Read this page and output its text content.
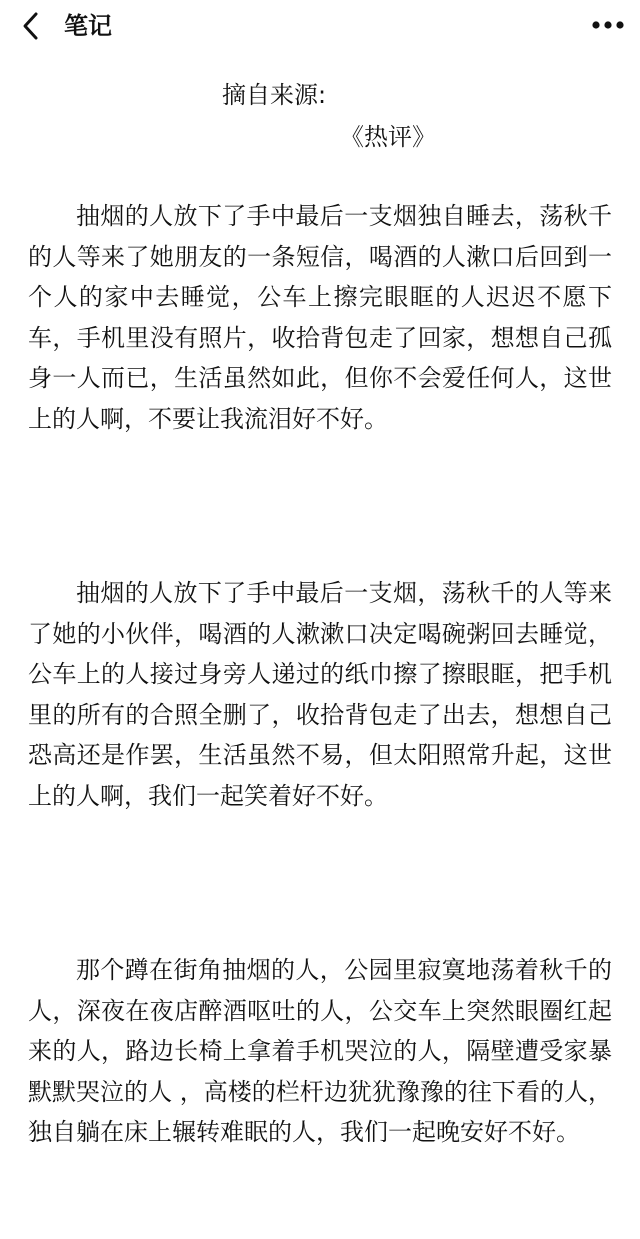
笔记
摘自来源:
《热评》

抽烟的人放下了手中最后一支烟独自睡去，荡秋千的人等来了她朋友的一条短信，喝酒的人漱口后回到一个人的家中去睡觉，公车上擦完眼眶的人迟迟不愿下车，手机里没有照片，收拾背包走了回家，想想自己孤身一人而已，生活虽然如此，但你不会爱任何人，这世上的人啊，不要让我流泪好不好。

抽烟的人放下了手中最后一支烟，荡秋千的人等来了她的小伙伴，喝酒的人漱漱口决定喝碗粥回去睡觉，公车上的人接过身旁人递过的纸巾擦了擦眼眶，把手机里的所有的合照全删了，收拾背包走了出去，想想自己恐高还是作罢，生活虽然不易，但太阳照常升起，这世上的人啊，我们一起笑着好不好。

那个蹲在街角抽烟的人，公园里寂寞地荡着秋千的人，深夜在夜店醉酒呕吐的人，公交车上突然眼圈红起来的人，路边长椅上拿着手机哭泣的人，隔壁遭受家暴默默哭泣的人 ，高楼的栏杆边犹犹豫豫的往下看的人，独自躺在床上辗转难眠的人，我们一起晚安好不好。
